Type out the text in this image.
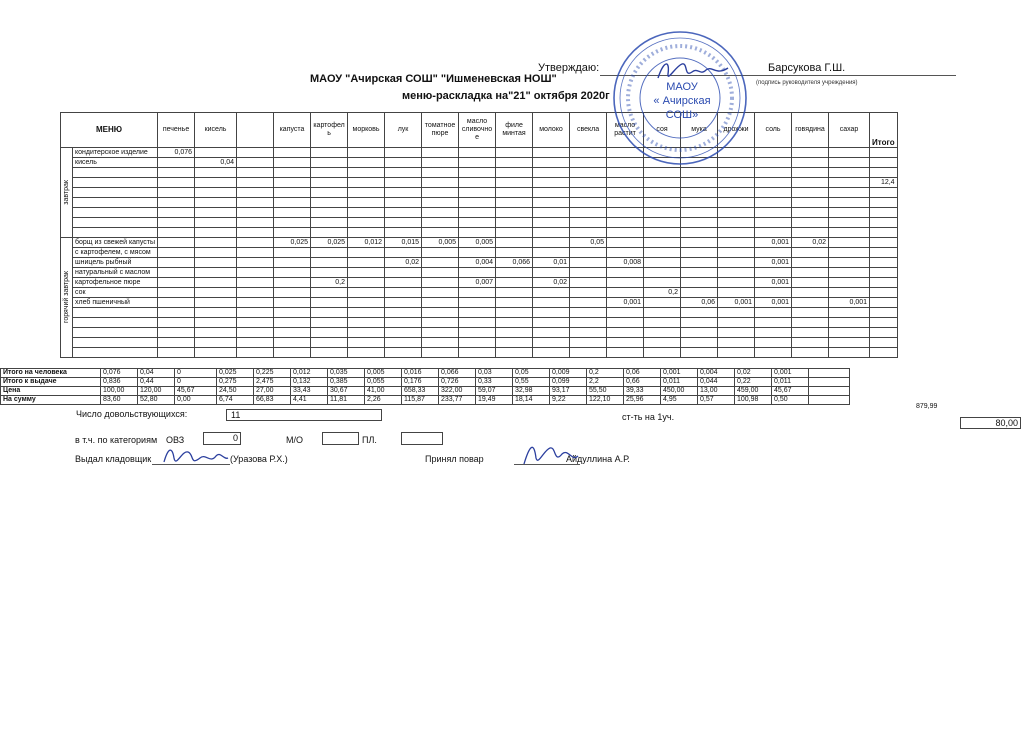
Утверждаю:	Барсукова Г.Ш.
(подпись руководителя учреждения)
МАОУ "Ачирская СОШ" "Ишменевская НОШ"
меню-раскладка на"21" октября 2020г
МЕНЮ		печенье	кисель		капуста	картофел ь	морковь	лук	томатное пюре	масло сливочно е	филе минтая	молоко	свекла	масло растит	соя	мука	дрожжи	соль	говядина	сахар	Итого

завтрак	кондитерское изделие	0,076																			
	кисель		0,04																		

																					12,4

горячий завтрак	борщ из свежей капусты				0,025	0,025	0,012	0,015	0,005	0,005			0,05					0,001	0,02		
	с картофелем, с мясом																				
	шницель рыбный							0,02		0,004	0,066	0,01		0,008				0,001			
	натуральный с маслом																				
	картофельное пюре					0,2				0,007		0,02						0,001			
	сок														0,2						
	хлеб пшеничный													0,001		0,06	0,001	0,001		0,001	

Итого на человека	0,076	0,04	0	0,025	0,225	0,012	0,035	0,005	0,016	0,066	0,03	0,05	0,009	0,2	0,06	0,001	0,004	0,02	0,001	
Итого к выдаче	0,836	0,44	0	0,275	2,475	0,132	0,385	0,055	0,176	0,726	0,33	0,55	0,099	2,2	0,66	0,011	0,044	0,22	0,011	
Цена	100,00	120,00	45,67	24,50	27,00	33,43	30,67	41,00	658,33	322,00	59,07	32,98	93,17	55,50	39,33	450,00	13,00	459,00	45,67	
На сумму	83,60	52,80	0,00	6,74	66,83	4,41	11,81	2,26	115,87	233,77	19,49	18,14	9,22	122,10	25,96	4,95	0,57	100,98	0,50	
879,99
Число довольствующихся:	11	ст-ть на 1уч.
80,00
в т.ч. по категориям ОВЗ	0	М/О	ПЛ.
Выдал кладовщик	(Уразова Р.Х.)	Принял повар	Айдуллина А.Р.
МАОУ
« Ачирская
СОШ»
